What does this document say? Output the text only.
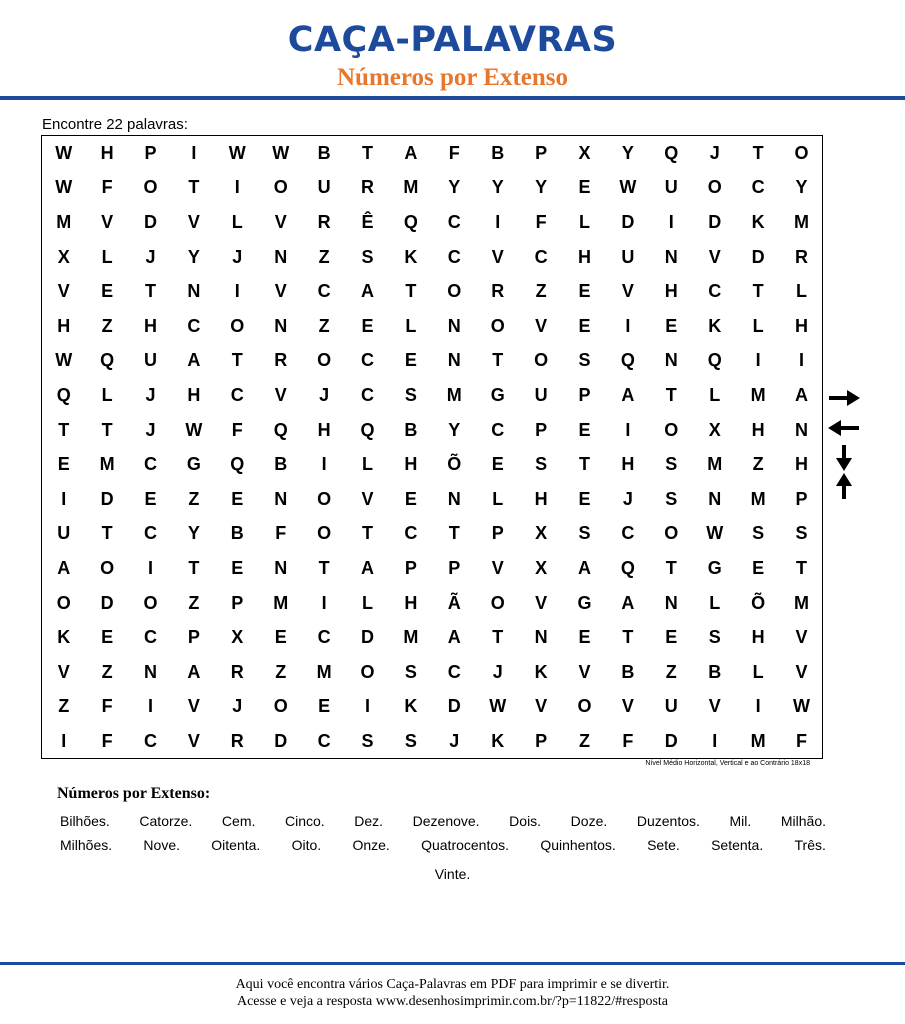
CAÇA-PALAVRAS
Números por Extenso
Encontre 22 palavras:
W	H	P	I	W	W	B	T	A	F	B	P	X	Y	Q	J	T	O
W	F	O	T	I	O	U	R	M	Y	Y	Y	E	W	U	O	C	Y
M	V	D	V	L	V	R	Ê	Q	C	I	F	L	D	I	D	K	M
X	L	J	Y	J	N	Z	S	K	C	V	C	H	U	N	V	D	R
V	E	T	N	I	V	C	A	T	O	R	Z	E	V	H	C	T	L
H	Z	H	C	O	N	Z	E	L	N	O	V	E	I	E	K	L	H
W	Q	U	A	T	R	O	C	E	N	T	O	S	Q	N	Q	I	I
Q	L	J	H	C	V	J	C	S	M	G	U	P	A	T	L	M	A
T	T	J	W	F	Q	H	Q	B	Y	C	P	E	I	O	X	H	N
E	M	C	G	Q	B	I	L	H	Õ	E	S	T	H	S	M	Z	H
I	D	E	Z	E	N	O	V	E	N	L	H	E	J	S	N	M	P
U	T	C	Y	B	F	O	T	C	T	P	X	S	C	O	W	S	S
A	O	I	T	E	N	T	A	P	P	V	X	A	Q	T	G	E	T
O	D	O	Z	P	M	I	L	H	Ã	O	V	G	A	N	L	Õ	M
K	E	C	P	X	E	C	D	M	A	T	N	E	T	E	S	H	V
V	Z	N	A	R	Z	M	O	S	C	J	K	V	B	Z	B	L	V
Z	F	I	V	J	O	E	I	K	D	W	V	O	V	U	V	I	W
I	F	C	V	R	D	C	S	S	J	K	P	Z	F	D	I	M	F
Nível Médio Horizontal, Vertical e ao Contrário 18x18
Números por Extenso:
Bilhões. Catorze. Cem. Cinco. Dez. Dezenove. Dois. Doze. Duzentos. Mil. Milhão.
Milhões. Nove. Oitenta. Oito. Onze. Quatrocentos. Quinhentos. Sete. Setenta. Três.
Vinte.
Aqui você encontra vários Caça-Palavras em PDF para imprimir e se divertir.
Acesse e veja a resposta www.desenhosimprimir.com.br/?p=11822/#resposta
